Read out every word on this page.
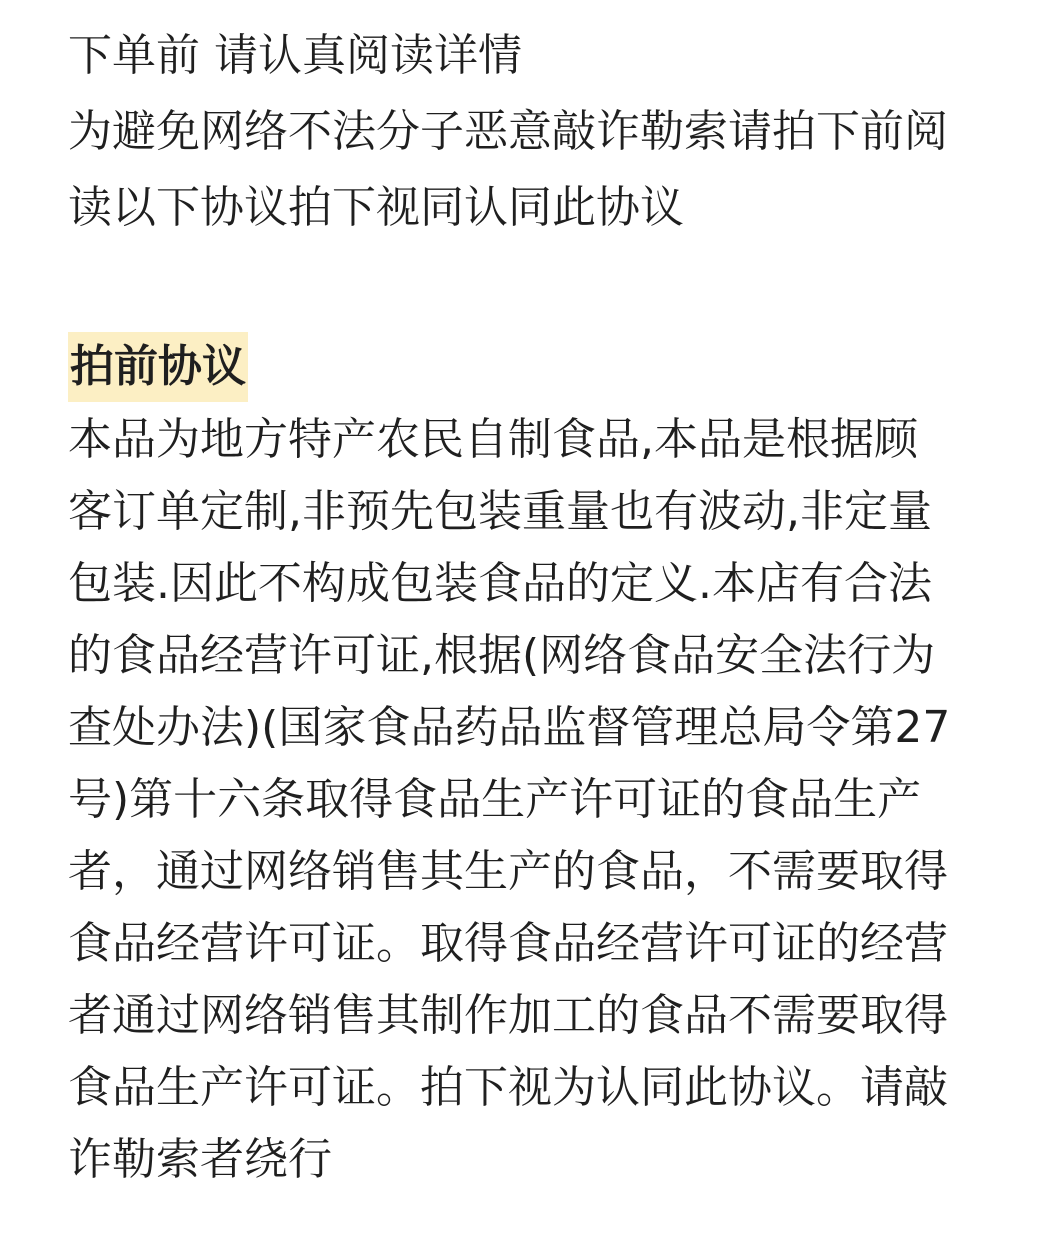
下单前 请认真阅读详情
为避免网络不法分子恶意敲诈勒索请拍下前阅
读以下协议拍下视同认同此协议
拍前协议
本品为地方特产农民自制食品,本品是根据顾
客订单定制,非预先包装重量也有波动,非定量
包装.因此不构成包装食品的定义.本店有合法
的食品经营许可证,根据(网络食品安全法行为
查处办法)(国家食品药品监督管理总局令第27
号)第十六条取得食品生产许可证的食品生产
者，通过网络销售其生产的食品，不需要取得
食品经营许可证。取得食品经营许可证的经营
者通过网络销售其制作加工的食品不需要取得
食品生产许可证。拍下视为认同此协议。请敲
诈勒索者绕行
